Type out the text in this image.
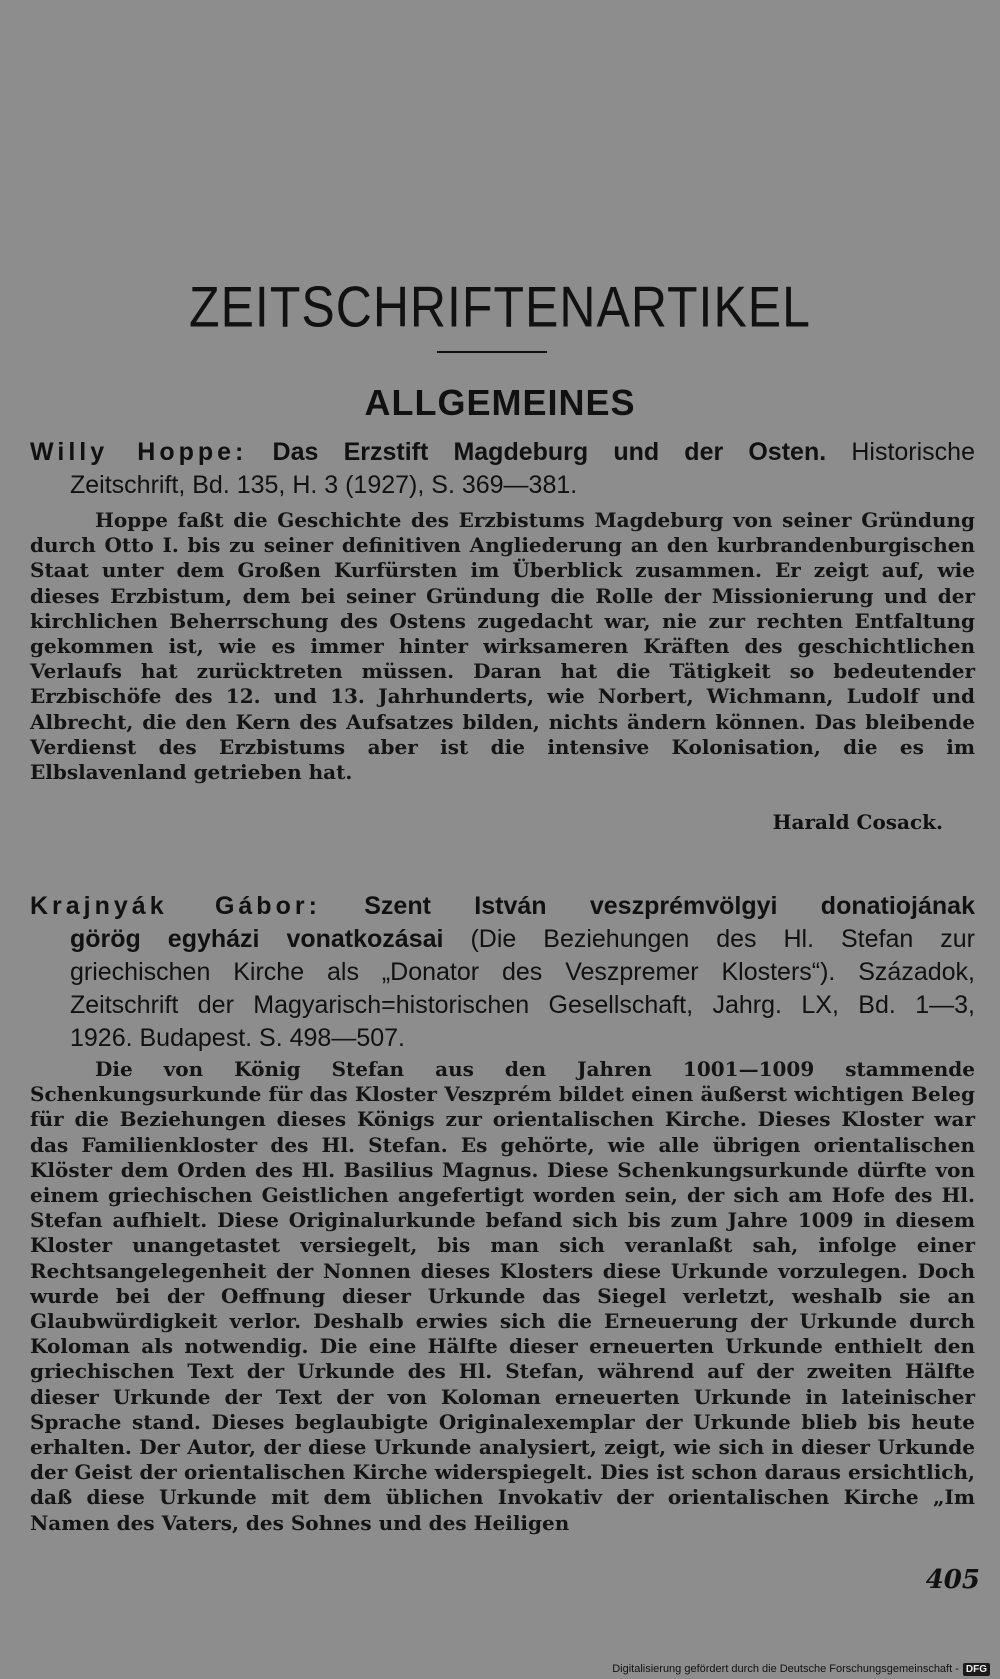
ZEITSCHRIFTENARTIKEL
ALLGEMEINES
Willy Hoppe: Das Erzstift Magdeburg und der Osten. Historische
Zeitschrift, Bd. 135, H. 3 (1927), S. 369—381.

Hoppe faßt die Geschichte des Erzbistums Magdeburg von seiner Gründung durch Otto I. bis zu seiner definitiven Angliederung an den kurbrandenburgischen Staat unter dem Großen Kurfürsten im Überblick zusammen. Er zeigt auf, wie dieses Erzbistum, dem bei seiner Gründung die Rolle der Missionierung und der kirchlichen Beherrschung des Ostens zugedacht war, nie zur rechten Entfaltung gekommen ist, wie es immer hinter wirksameren Kräften des geschichtlichen Verlaufs hat zurücktreten müssen. Daran hat die Tätigkeit so bedeutender Erzbischöfe des 12. und 13. Jahrhunderts, wie Norbert, Wichmann, Ludolf und Albrecht, die den Kern des Aufsatzes bilden, nichts ändern können. Das bleibende Verdienst des Erzbistums aber ist die intensive Kolonisation, die es im Elbslavenland getrieben hat.

Harald Cosack.
Krajnyák Gábor: Szent István veszprémvölgyi donatiojának
görög egyházi vonatkozásai (Die Beziehungen des Hl. Stefan zur
griechischen Kirche als „Donator des Veszpremer Klosters“). Századok,
Zeitschrift der Magyarisch=historischen Gesellschaft, Jahrg. LX, Bd. 1—3,
1926. Budapest. S. 498—507.

Die von König Stefan aus den Jahren 1001—1009 stammende Schenkungsurkunde für das Kloster Veszprém bildet einen äußerst wichtigen Beleg für die Beziehungen dieses Königs zur orientalischen Kirche. Dieses Kloster war das Familienkloster des Hl. Stefan. Es gehörte, wie alle übrigen orientalischen Klöster dem Orden des Hl. Basilius Magnus. Diese Schenkungsurkunde dürfte von einem griechischen Geistlichen angefertigt worden sein, der sich am Hofe des Hl. Stefan aufhielt. Diese Originalurkunde befand sich bis zum Jahre 1009 in diesem Kloster unangetastet versiegelt, bis man sich veranlaßt sah, infolge einer Rechtsangelegenheit der Nonnen dieses Klosters diese Urkunde vorzulegen. Doch wurde bei der Oeffnung dieser Urkunde das Siegel verletzt, weshalb sie an Glaubwürdigkeit verlor. Deshalb erwies sich die Erneuerung der Urkunde durch Koloman als notwendig. Die eine Hälfte dieser erneuerten Urkunde enthielt den griechischen Text der Urkunde des Hl. Stefan, während auf der zweiten Hälfte dieser Urkunde der Text der von Koloman erneuerten Urkunde in lateinischer Sprache stand. Dieses beglaubigte Originalexemplar der Urkunde blieb bis heute erhalten. Der Autor, der diese Urkunde analysiert, zeigt, wie sich in dieser Urkunde der Geist der orientalischen Kirche widerspiegelt. Dies ist schon daraus ersichtlich, daß diese Urkunde mit dem üblichen Invokativ der orientalischen Kirche „Im Namen des Vaters, des Sohnes und des Heiligen

405
Digitalisierung gefördert durch die Deutsche Forschungsgemeinschaft - DFG
